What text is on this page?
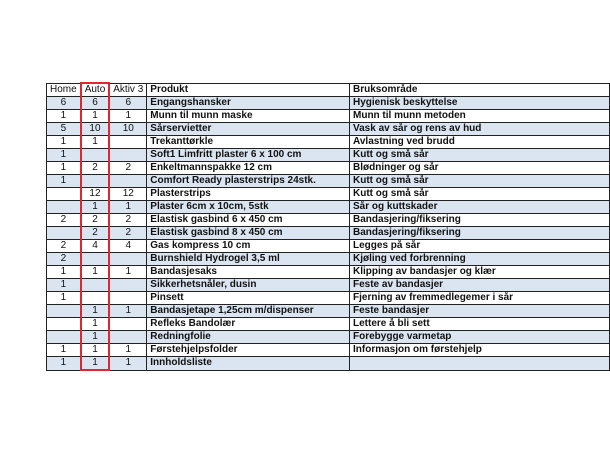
Home	Auto	Aktiv 3	Produkt	Bruksområde
6	6	6	Engangshansker	Hygienisk beskyttelse
1	1	1	Munn til munn maske	Munn til munn metoden
5	10	10	Sårservietter	Vask av sår og rens av hud
1	1		Trekanttørkle	Avlastning ved brudd
1			Soft1 Limfritt plaster 6 x 100 cm	Kutt og små sår
1	2	2	Enkeltmannspakke 12 cm	Blødninger og sår
1			Comfort Ready plasterstrips 24stk.	Kutt og små sår
	12	12	Plasterstrips	Kutt og små sår
	1	1	Plaster 6cm x 10cm, 5stk	Sår og kuttskader
2	2	2	Elastisk gasbind 6 x 450 cm	Bandasjering/fiksering
	2	2	Elastisk gasbind 8 x 450 cm	Bandasjering/fiksering
2	4	4	Gas kompress 10 cm	Legges på sår
2			Burnshield Hydrogel 3,5 ml	Kjøling ved forbrenning
1	1	1	Bandasjesaks	Klipping av bandasjer og klær
1			Sikkerhetsnåler, dusin	Feste av bandasjer
1			Pinsett	Fjerning av fremmedlegemer i sår
	1	1	Bandasjetape 1,25cm m/dispenser	Feste bandasjer
	1		Refleks Bandolær	Lettere å bli sett
	1		Redningfolie	Forebygge varmetap
1	1	1	Førstehjelpsfolder	Informasjon om førstehjelp
1	1	1	Innholdsliste	
